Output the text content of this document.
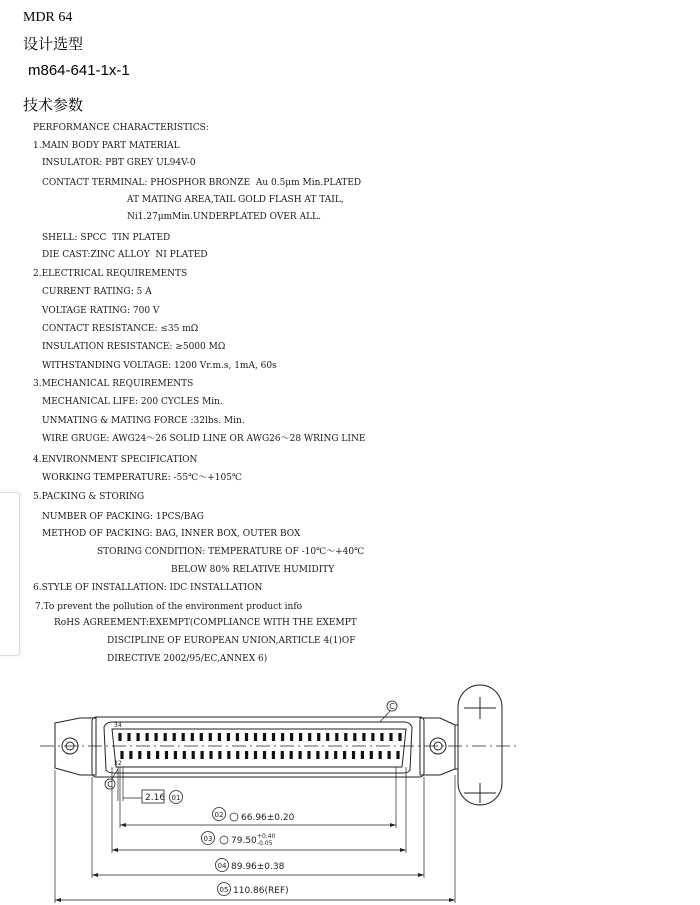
MDR 64
设计选型
m864-641-1x-1
技术参数
PERFORMANCE CHARACTERISTICS:
1.MAIN BODY PART MATERIAL
INSULATOR: PBT GREY UL94V-0
CONTACT TERMINAL: PHOSPHOR BRONZE  Au 0.5μm Min.PLATED
AT MATING AREA,TAIL GOLD FLASH AT TAIL,
Ni1.27μmMin.UNDERPLATED OVER ALL.
SHELL: SPCC  TIN PLATED
DIE CAST:ZINC ALLOY  NI PLATED
2.ELECTRICAL REQUIREMENTS
CURRENT RATING: 5 A
VOLTAGE RATING: 700 V
CONTACT RESISTANCE: ≤35 mΩ
INSULATION RESISTANCE: ≥5000 MΩ
WITHSTANDING VOLTAGE: 1200 Vr.m.s, 1mA, 60s
3.MECHANICAL REQUIREMENTS
MECHANICAL LIFE: 200 CYCLES Min.
UNMATING & MATING FORCE :32lbs. Min.
WIRE GRUGE: AWG24～26 SOLID LINE OR AWG26～28 WRING LINE
4.ENVIRONMENT SPECIFICATION
WORKING TEMPERATURE: -55℃～+105℃
5.PACKING & STORING
NUMBER OF PACKING: 1PCS/BAG
METHOD OF PACKING: BAG, INNER BOX, OUTER BOX
STORING CONDITION: TEMPERATURE OF -10℃～+40℃
BELOW 80% RELATIVE HUMIDITY
6.STYLE OF INSTALLATION: IDC INSTALLATION
7.To prevent the pollution of the environment product info
RoHS AGREEMENT:EXEMPT(COMPLIANCE WITH THE EXEMPT
DISCIPLINE OF EUROPEAN UNION,ARTICLE 4(1)OF
DIRECTIVE 2002/95/EC,ANNEX 6)
34
32
C
C
2.16 01
02 66.96±0.20
03 79.50 +0.40
-0.05
04 89.96±0.38
05 110.86(REF)
